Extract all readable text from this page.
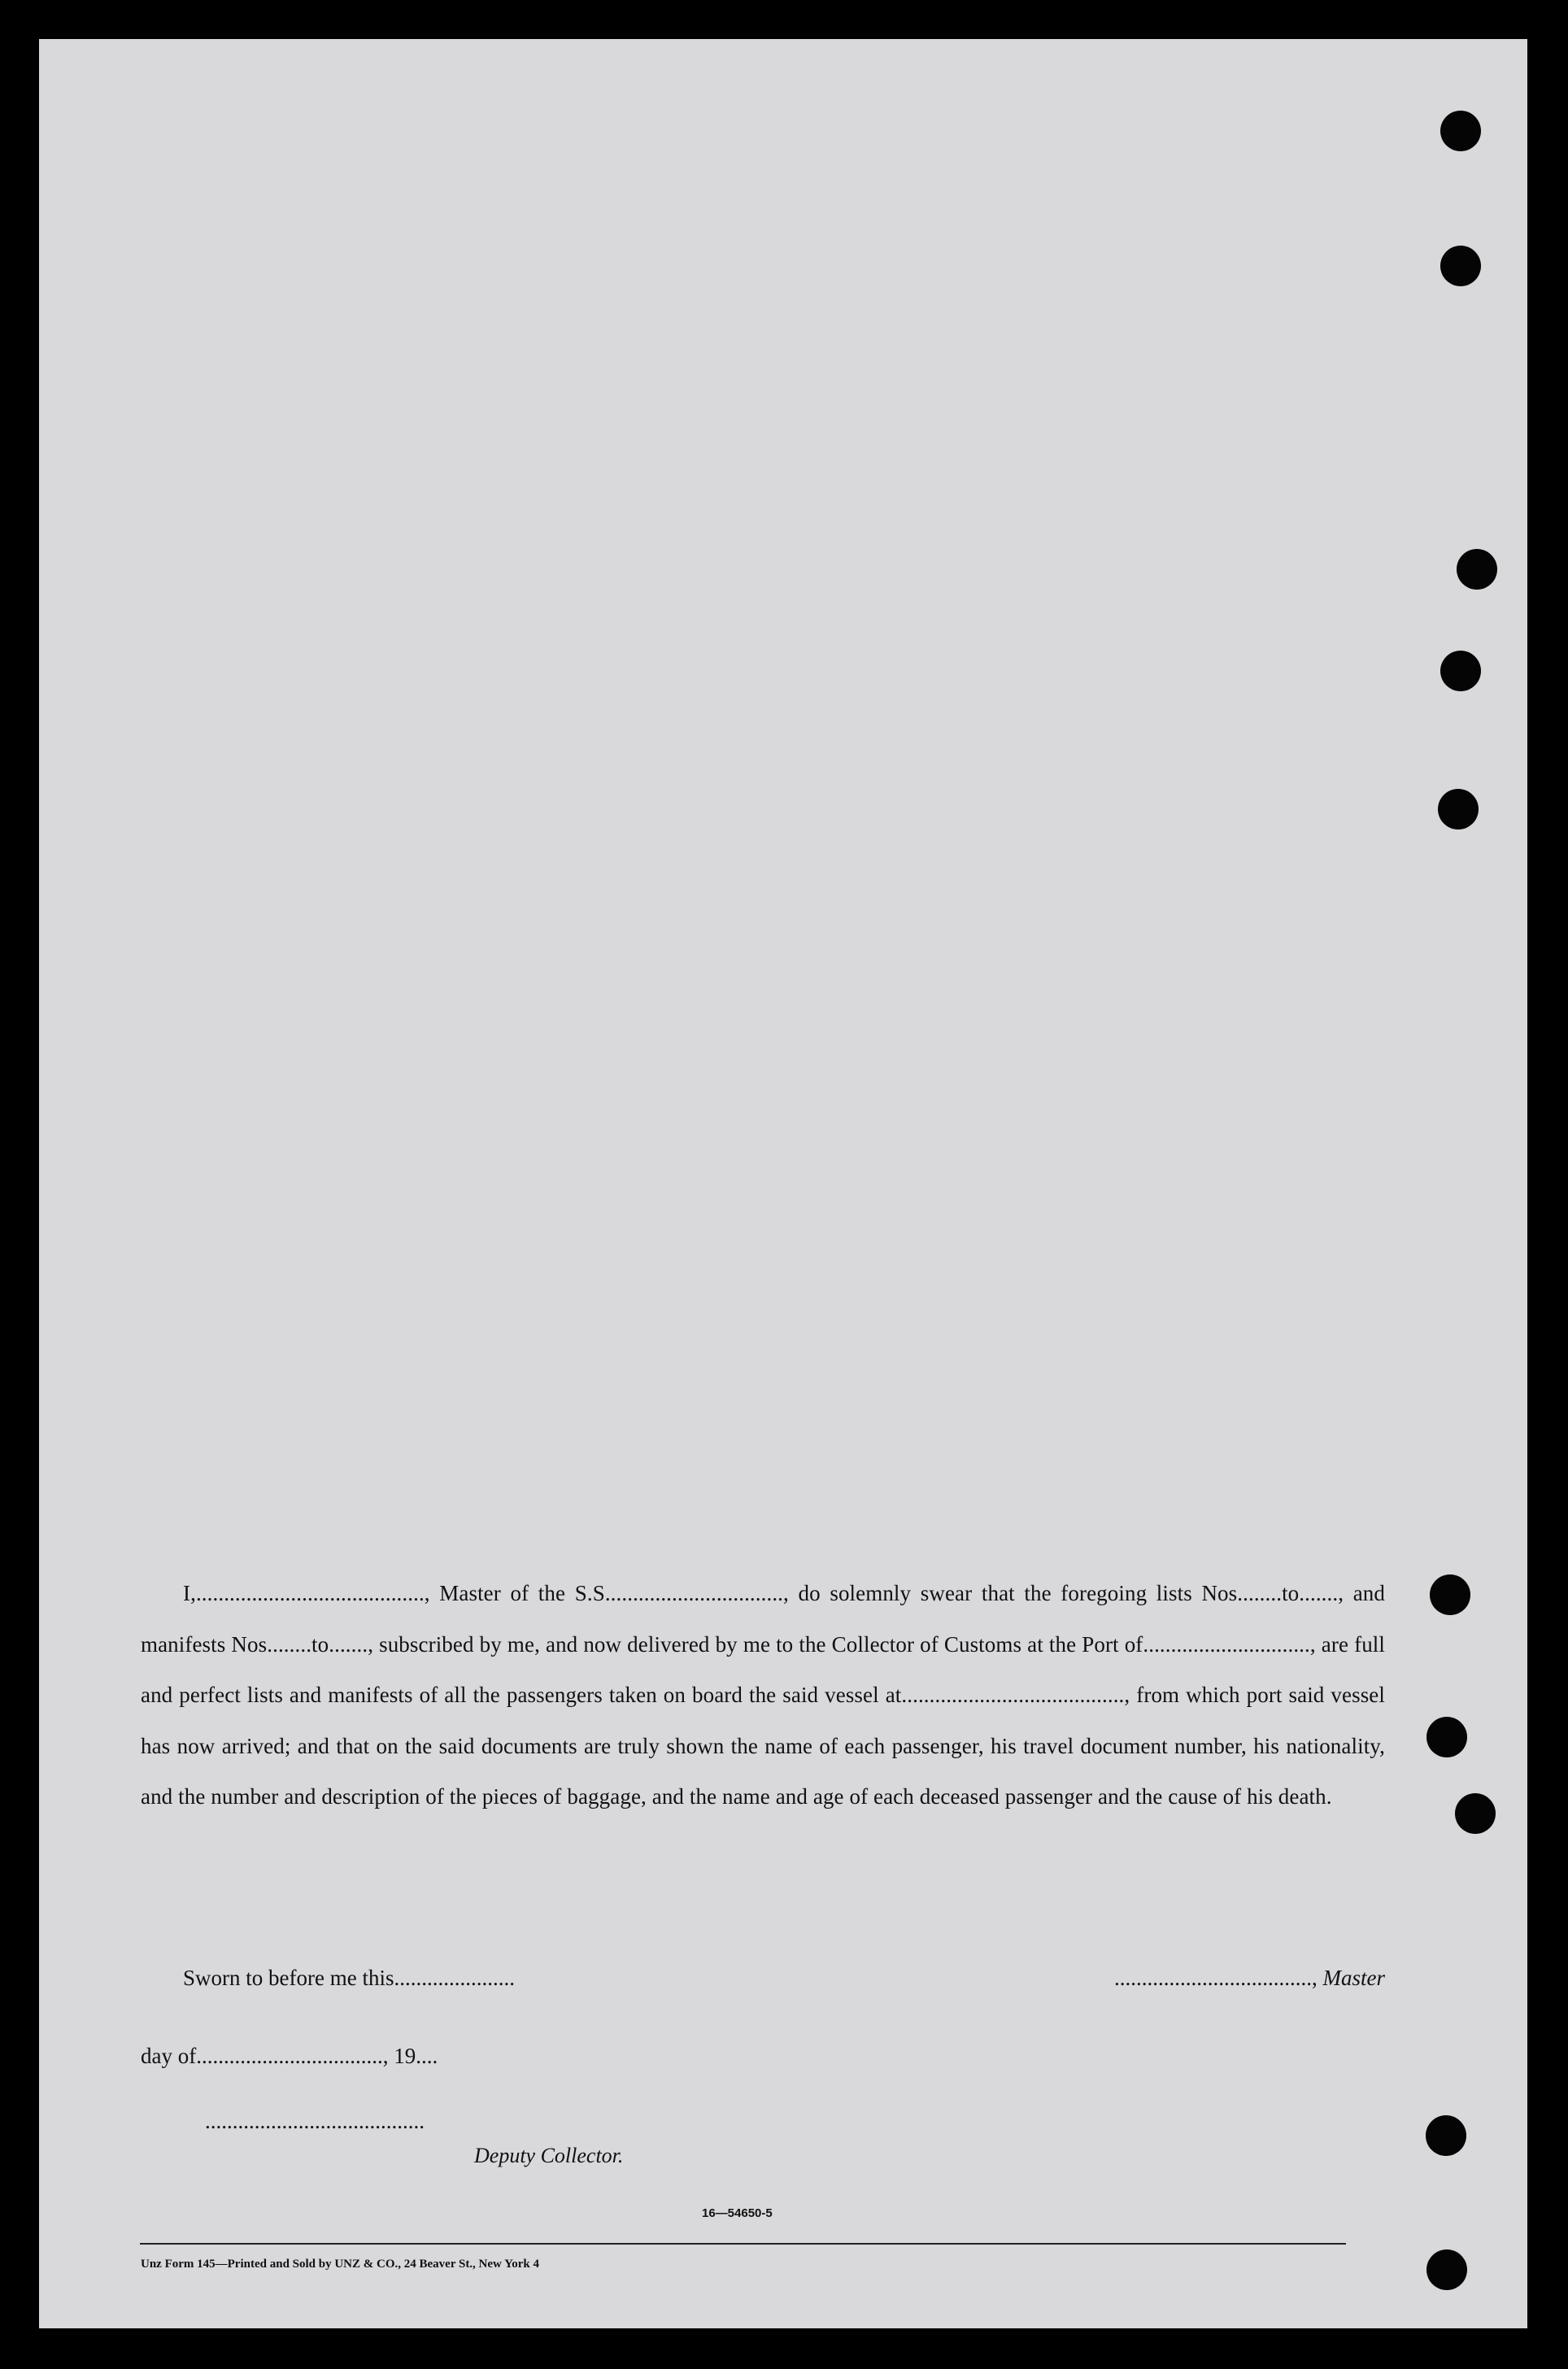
I,........................................., Master of the S.S................................, do solemnly swear that the foregoing lists Nos........to......., and manifests Nos........to......., subscribed by me, and now delivered by me to the Collector of Customs at the Port of.............................., are full and perfect lists and manifests of all the passengers taken on board the said vessel at........................................, from which port said vessel has now arrived; and that on the said documents are truly shown the name of each passenger, his travel document number, his nationality, and the number and description of the pieces of baggage, and the name and age of each deceased passenger and the cause of his death.

Sworn to before me this......................	...................................., Master
day of.................................., 19....
........................................
Deputy Collector.
16—54650-5
Unz Form 145—Printed and Sold by UNZ & CO., 24 Beaver St., New York 4
